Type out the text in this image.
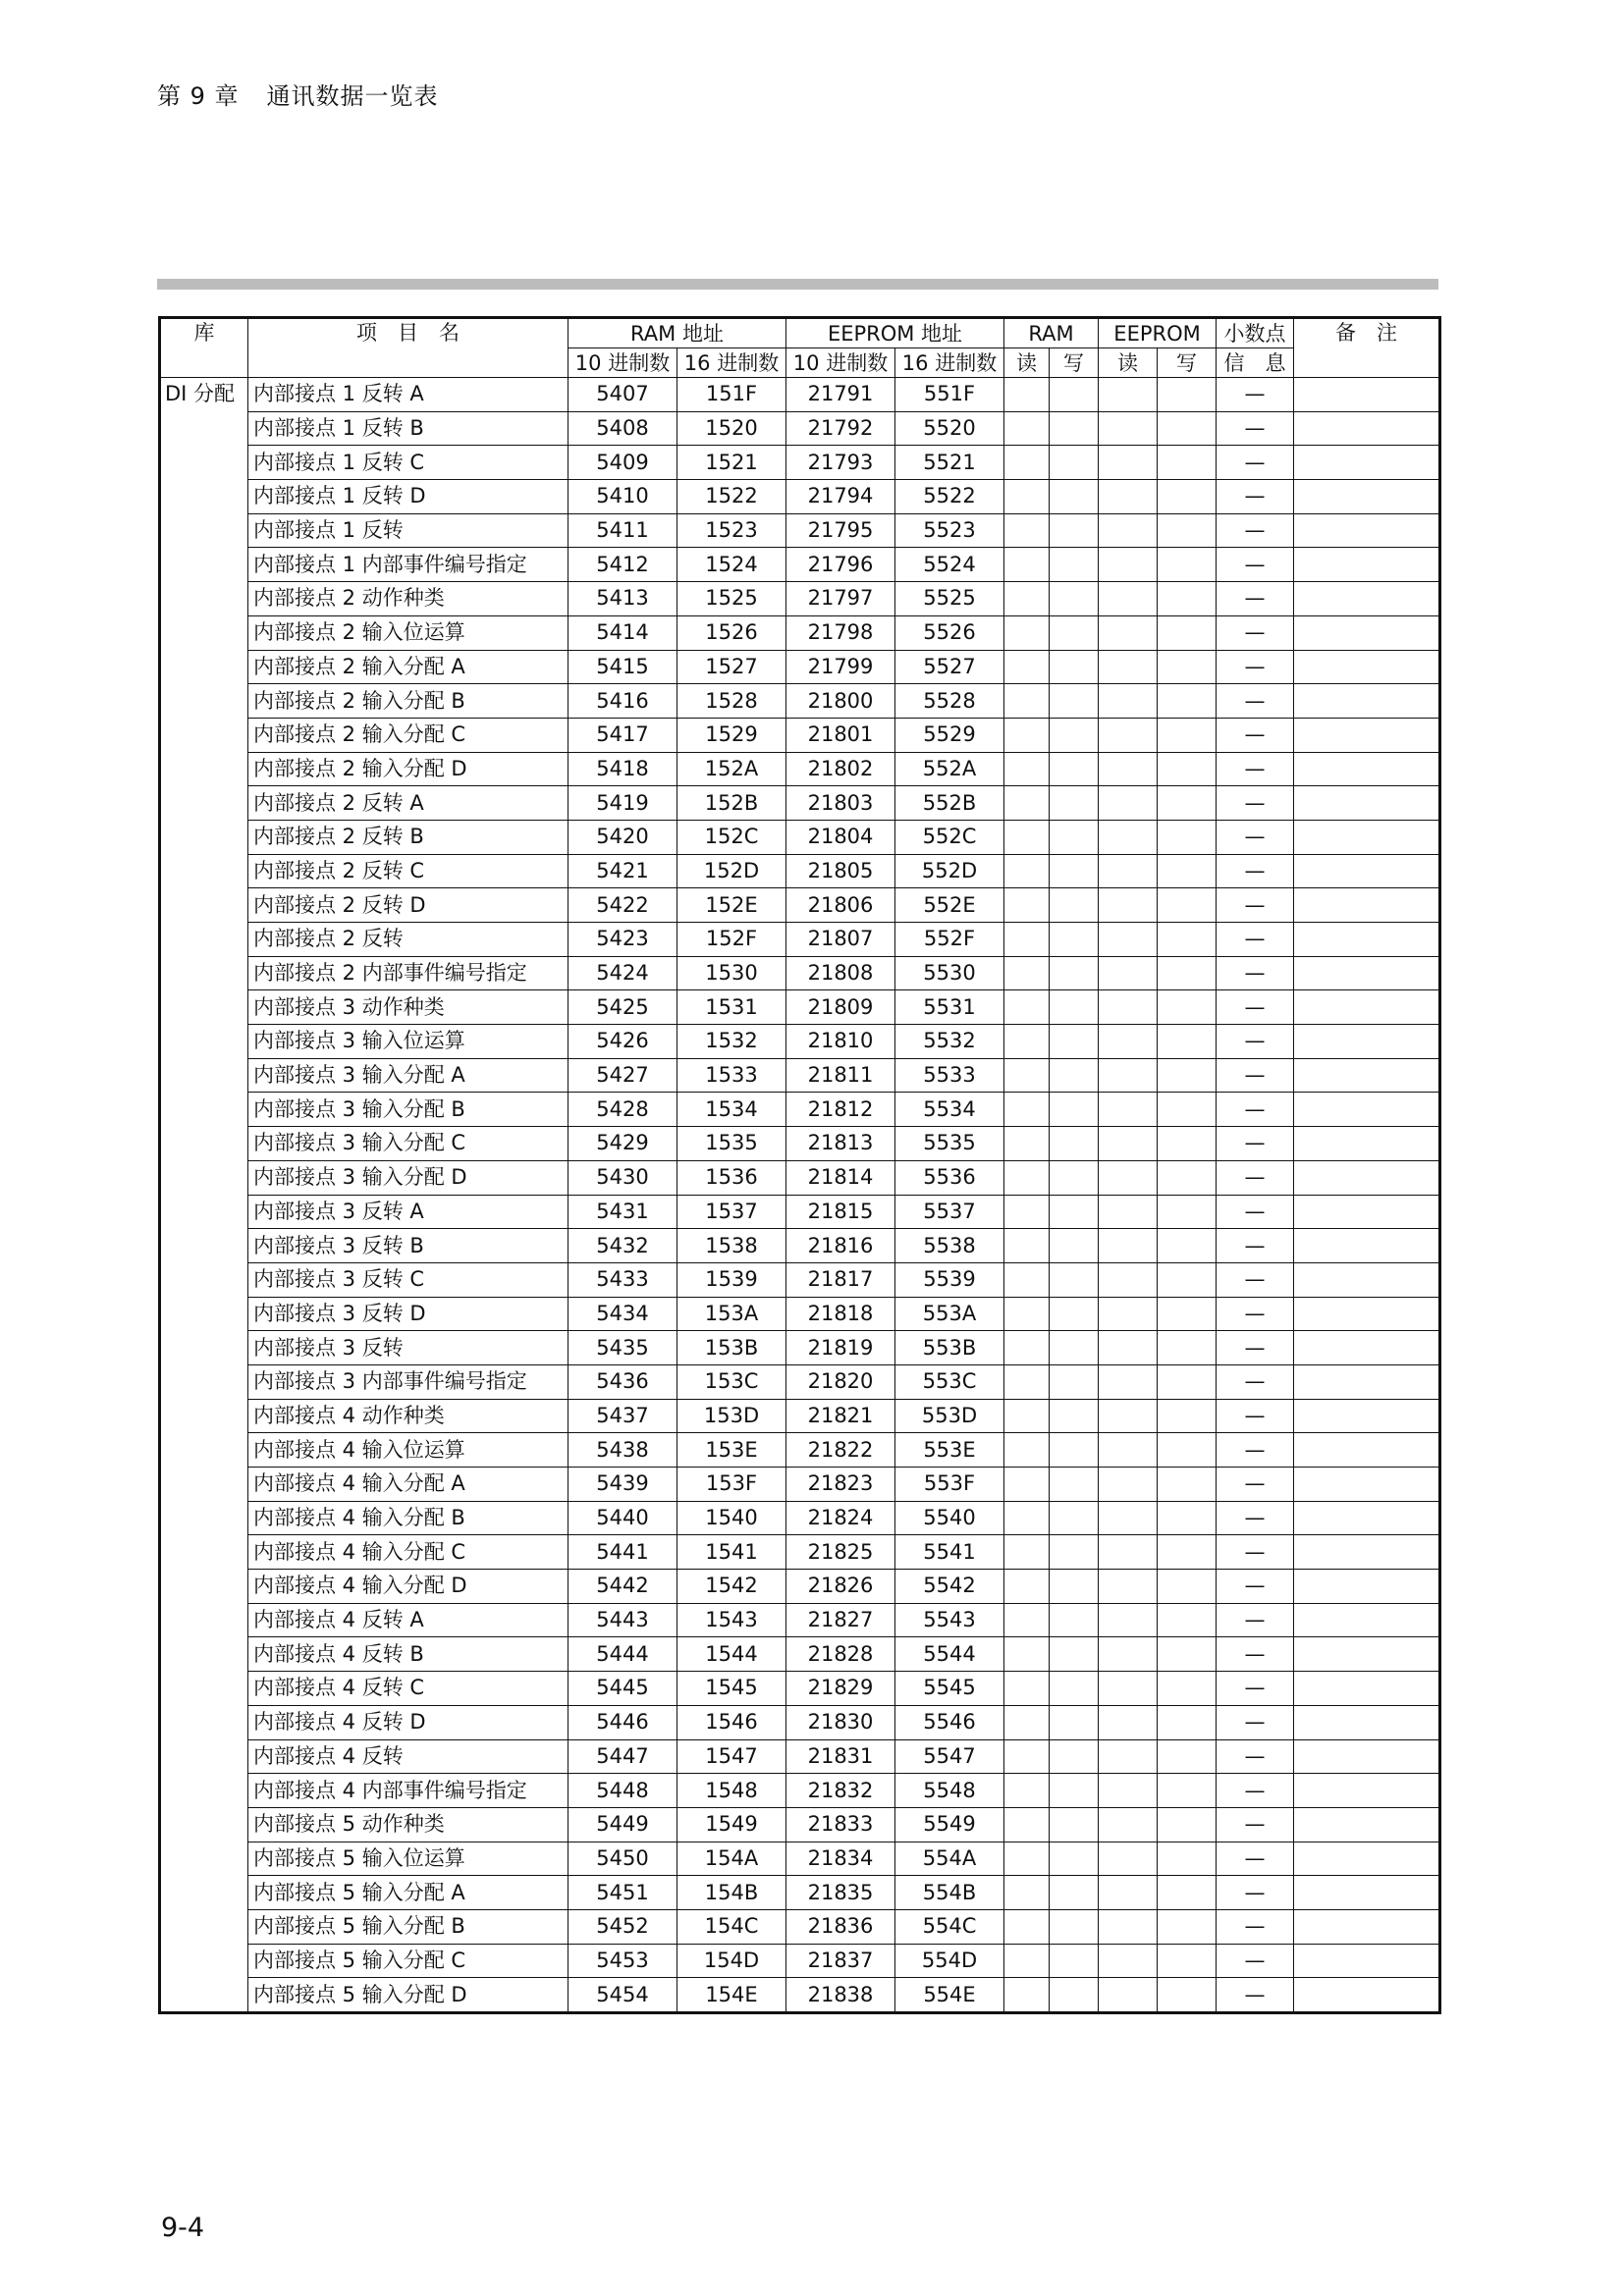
第 9 章 通讯数据一览表
库	项　目　名	RAM 地址		EEPROM 地址		RAM		EEPROM		小数点	备　注
		10 进制数	16 进制数	10 进制数	16 进制数	读	写	读	写	信　息	
DI 分配	内部接点 1 反转 A	5407	151F	21791	551F					—	
	内部接点 1 反转 B	5408	1520	21792	5520					—	
	内部接点 1 反转 C	5409	1521	21793	5521					—	
	内部接点 1 反转 D	5410	1522	21794	5522					—	
	内部接点 1 反转	5411	1523	21795	5523					—	
	内部接点 1 内部事件编号指定	5412	1524	21796	5524					—	
	内部接点 2 动作种类	5413	1525	21797	5525					—	
	内部接点 2 输入位运算	5414	1526	21798	5526					—	
	内部接点 2 输入分配 A	5415	1527	21799	5527					—	
	内部接点 2 输入分配 B	5416	1528	21800	5528					—	
	内部接点 2 输入分配 C	5417	1529	21801	5529					—	
	内部接点 2 输入分配 D	5418	152A	21802	552A					—	
	内部接点 2 反转 A	5419	152B	21803	552B					—	
	内部接点 2 反转 B	5420	152C	21804	552C					—	
	内部接点 2 反转 C	5421	152D	21805	552D					—	
	内部接点 2 反转 D	5422	152E	21806	552E					—	
	内部接点 2 反转	5423	152F	21807	552F					—	
	内部接点 2 内部事件编号指定	5424	1530	21808	5530					—	
	内部接点 3 动作种类	5425	1531	21809	5531					—	
	内部接点 3 输入位运算	5426	1532	21810	5532					—	
	内部接点 3 输入分配 A	5427	1533	21811	5533					—	
	内部接点 3 输入分配 B	5428	1534	21812	5534					—	
	内部接点 3 输入分配 C	5429	1535	21813	5535					—	
	内部接点 3 输入分配 D	5430	1536	21814	5536					—	
	内部接点 3 反转 A	5431	1537	21815	5537					—	
	内部接点 3 反转 B	5432	1538	21816	5538					—	
	内部接点 3 反转 C	5433	1539	21817	5539					—	
	内部接点 3 反转 D	5434	153A	21818	553A					—	
	内部接点 3 反转	5435	153B	21819	553B					—	
	内部接点 3 内部事件编号指定	5436	153C	21820	553C					—	
	内部接点 4 动作种类	5437	153D	21821	553D					—	
	内部接点 4 输入位运算	5438	153E	21822	553E					—	
	内部接点 4 输入分配 A	5439	153F	21823	553F					—	
	内部接点 4 输入分配 B	5440	1540	21824	5540					—	
	内部接点 4 输入分配 C	5441	1541	21825	5541					—	
	内部接点 4 输入分配 D	5442	1542	21826	5542					—	
	内部接点 4 反转 A	5443	1543	21827	5543					—	
	内部接点 4 反转 B	5444	1544	21828	5544					—	
	内部接点 4 反转 C	5445	1545	21829	5545					—	
	内部接点 4 反转 D	5446	1546	21830	5546					—	
	内部接点 4 反转	5447	1547	21831	5547					—	
	内部接点 4 内部事件编号指定	5448	1548	21832	5548					—	
	内部接点 5 动作种类	5449	1549	21833	5549					—	
	内部接点 5 输入位运算	5450	154A	21834	554A					—	
	内部接点 5 输入分配 A	5451	154B	21835	554B					—	
	内部接点 5 输入分配 B	5452	154C	21836	554C					—	
	内部接点 5 输入分配 C	5453	154D	21837	554D					—	
	内部接点 5 输入分配 D	5454	154E	21838	554E					—	
9-4
